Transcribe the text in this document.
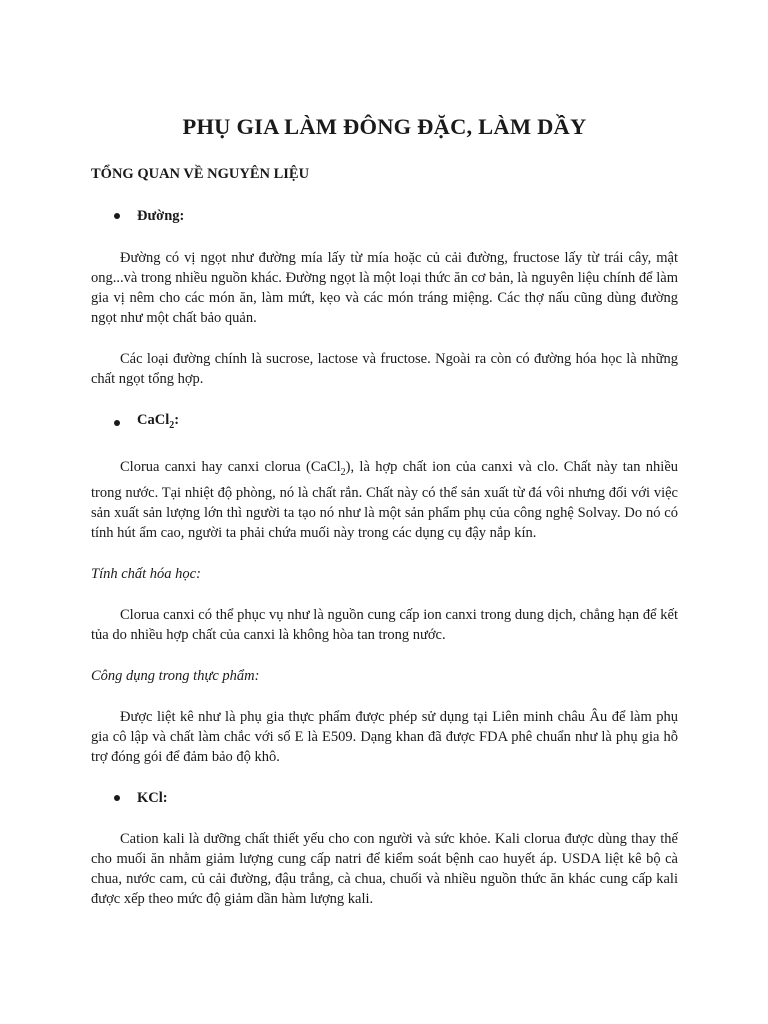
PHỤ GIA LÀM ĐÔNG ĐẶC, LÀM DẦY

TỔNG QUAN VỀ NGUYÊN LIỆU

Đường:

Đường có vị ngọt như đường mía lấy từ mía hoặc củ cải đường, fructose lấy từ trái cây, mật ong...và trong nhiều nguồn khác. Đường ngọt là một loại thức ăn cơ bản, là nguyên liệu chính để làm gia vị nêm cho các món ăn, làm mứt, kẹo và các món tráng miệng. Các thợ nấu cũng dùng đường ngọt như một chất bảo quản.

Các loại đường chính là sucrose, lactose và fructose. Ngoài ra còn có đường hóa học là những chất ngọt tổng hợp.

CaCl$_2$:

Clorua canxi hay canxi clorua (CaCl$_2$), là hợp chất ion của canxi và clo. Chất này tan nhiều trong nước. Tại nhiệt độ phòng, nó là chất rắn. Chất này có thể sản xuất từ đá vôi nhưng đối với việc sản xuất sản lượng lớn thì người ta tạo nó như là một sản phẩm phụ của công nghệ Solvay. Do nó có tính hút ẩm cao, người ta phải chứa muối này trong các dụng cụ đậy nắp kín.

Tính chất hóa học:

Clorua canxi có thể phục vụ như là nguồn cung cấp ion canxi trong dung dịch, chẳng hạn để kết tủa do nhiều hợp chất của canxi là không hòa tan trong nước.

Công dụng trong thực phẩm:

Được liệt kê như là phụ gia thực phẩm được phép sử dụng tại Liên minh châu Âu để làm phụ gia cô lập và chất làm chắc với số E là E509. Dạng khan đã được FDA phê chuẩn như là phụ gia hỗ trợ đóng gói để đảm bảo độ khô.

KCl:

Cation kali là dưỡng chất thiết yếu cho con người và sức khỏe. Kali clorua được dùng thay thế cho muối ăn nhằm giảm lượng cung cấp natri để kiểm soát bệnh cao huyết áp. USDA liệt kê bộ cà chua, nước cam, củ cải đường, đậu trắng, cà chua, chuối và nhiều nguồn thức ăn khác cung cấp kali được xếp theo mức độ giảm dần hàm lượng kali.
